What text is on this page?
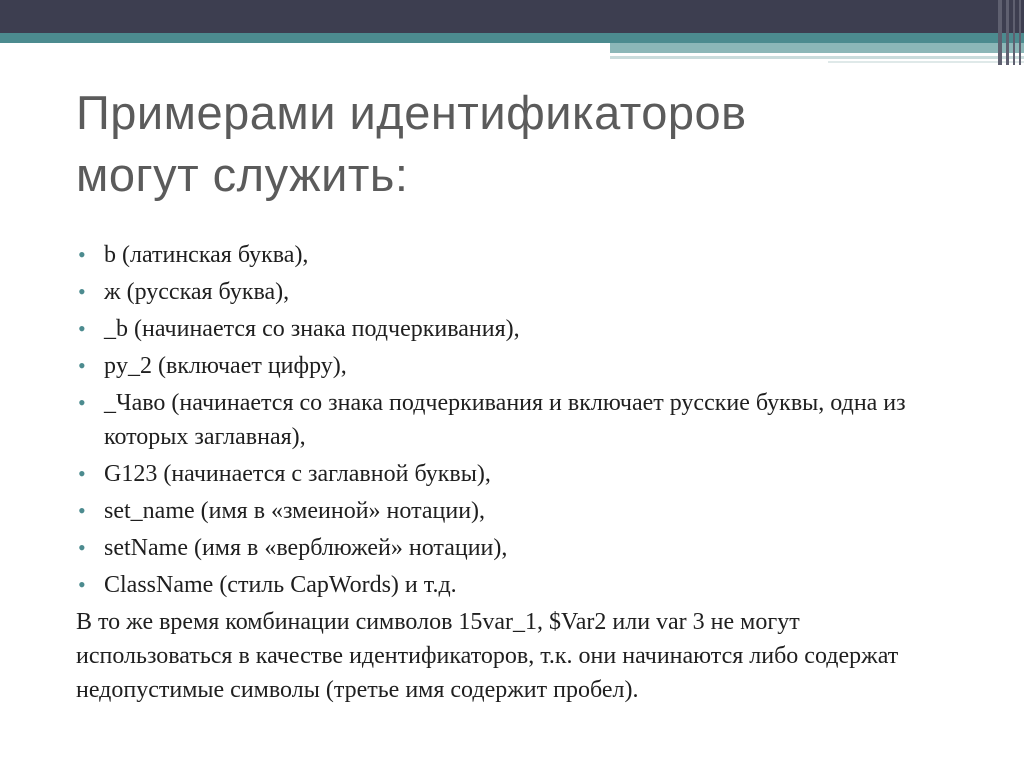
Примерами идентификаторов
могут служить:
• b (латинская буква),
• ж (русская буква),
• _b (начинается со знака подчеркивания),
• py_2 (включает цифру),
• _Чаво (начинается со знака подчеркивания и включает русские буквы, одна из которых заглавная),
• G123 (начинается с заглавной буквы),
• set_name (имя в «змеиной» нотации),
• setName (имя в «верблюжей» нотации),
• ClassName (стиль CapWords) и т.д.

В то же время комбинации символов 15var_1, $Var2 или var 3 не могут использоваться в качестве идентификаторов, т.к. они начинаются либо содержат недопустимые символы (третье имя содержит пробел).
